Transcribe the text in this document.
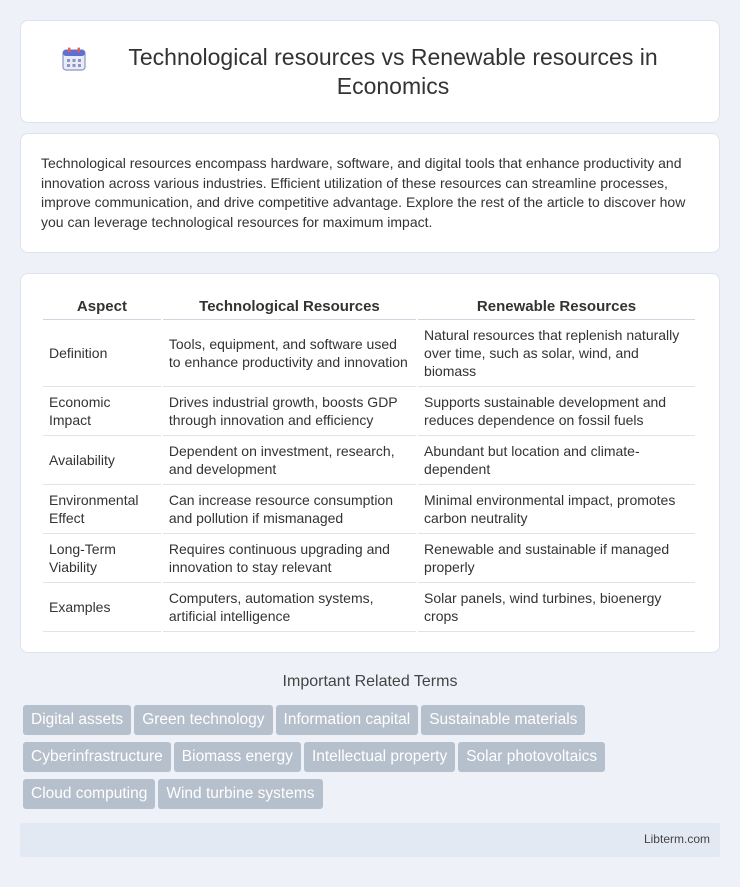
Technological resources vs Renewable resources in Economics

Technological resources encompass hardware, software, and digital tools that enhance productivity and innovation across various industries. Efficient utilization of these resources can streamline processes, improve communication, and drive competitive advantage. Explore the rest of the article to discover how you can leverage technological resources for maximum impact.

Aspect	Technological Resources	Renewable Resources
Definition	Tools, equipment, and software used to enhance productivity and innovation	Natural resources that replenish naturally over time, such as solar, wind, and biomass
Economic Impact	Drives industrial growth, boosts GDP through innovation and efficiency	Supports sustainable development and reduces dependence on fossil fuels
Availability	Dependent on investment, research, and development	Abundant but location and climate-dependent
Environmental Effect	Can increase resource consumption and pollution if mismanaged	Minimal environmental impact, promotes carbon neutrality
Long-Term Viability	Requires continuous upgrading and innovation to stay relevant	Renewable and sustainable if managed properly
Examples	Computers, automation systems, artificial intelligence	Solar panels, wind turbines, bioenergy crops
Important Related Terms
Digital assets Green technology Information capital Sustainable materials
Cyberinfrastructure Biomass energy Intellectual property Solar photovoltaics
Cloud computing Wind turbine systems
Libterm.com
